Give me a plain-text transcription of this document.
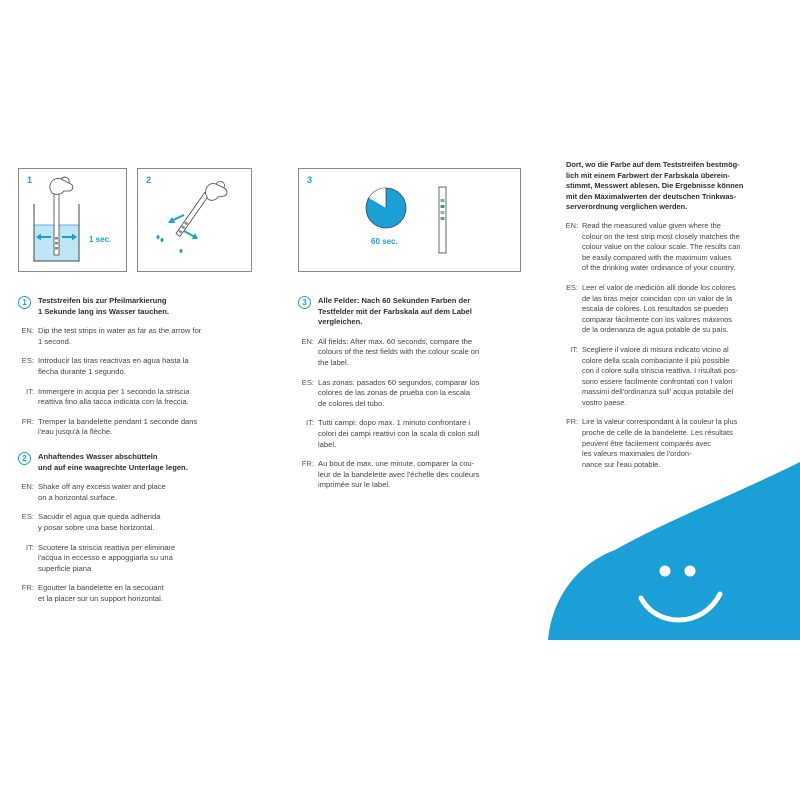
1
1 sec.
2	3
60 sec.
1	Teststreifen bis zur Pfeilmarkierung
1 Sekunde lang ins Wasser tauchen.
EN: Dip the test strips in water as far as the arrow for
1 second.
ES: Introducir las tiras reactivas en agua hasta la
flecha durante 1 segundo.
IT: Immergere in acqua per 1 secondo la striscia
reattiva fino alla tacca indicata con la freccia.
FR: Tremper la bandelette pendant 1 seconde dans
l'eau jusqu'à la flèche.
2	Anhaftendes Wasser abschütteln
und auf eine waagrechte Unterlage legen.
EN: Shake off any excess water and place
on a horizontal surface.
ES: Sacudir el agua que queda adherida
y posar sobre una base horizontal.
IT: Scuotere la striscia reattiva per eliminare
l'acqua in eccesso e appoggiarla su una
superficie piana
FR: Egoutter la bandelette en la secouant
et la placer sur un support horizontal.
3	Alle Felder: Nach 60 Sekunden Farben der
Testfelder mit der Farbskala auf dem Label
vergleichen.
EN: All fields: After max. 60 seconds, compare the
colours of the test fields with the colour scale on
the label.
ES: Las zonas: pasados 60 segundos, comparar los
colores de las zonas de prueba con la escala
de colores del tubo.
IT: Tutti campi: dopo max. 1 minuto confrontare i
colori dei campi reattivi con la scala di colori sull
label.
FR: Au bout de max. une minute, comparer la cou-
leur de la bandelette avec l'échelle des couleurs
imprimée sur le label.
Dort, wo die Farbe auf dem Teststreifen bestmög-
lich mit einem Farbwert der Farbskala überein-
stimmt, Messwert ablesen. Die Ergebnisse können
mit den Maximalwerten der deutschen Trinkwas-
serverordnung verglichen werden.
EN: Read the measured value given where the
colour on the test strip most closely matches the
colour value on the colour scale. The results can
be easily compared with the maximum values
of the drinking water ordinance of your country.
ES: Leer el valor de medición alli donde los colores
de las tiras mejor coincidan con un valor de la
escala de colores. Los resultados se pueden
comparar fácilmente con los valores máximos
de la ordenanza de agua potable de su país.
IT: Scegliere il valore di misura indicato vicino al
colore della scala combaciante il più possible
con il colore sulla striscia reattiva. I risultati pos-
sono essere facilmente confrontati con I valori
massimi dell'ordinanza sull' acqua potabile del
vostro paese.
FR: Lire la valeur correspondant à la couleur la plus
proche de celle de la bandelette. Les résultats
peuvent être facilement comparés avec
les valeurs maximales de l'ordon-
nance sur l'eau potable.
